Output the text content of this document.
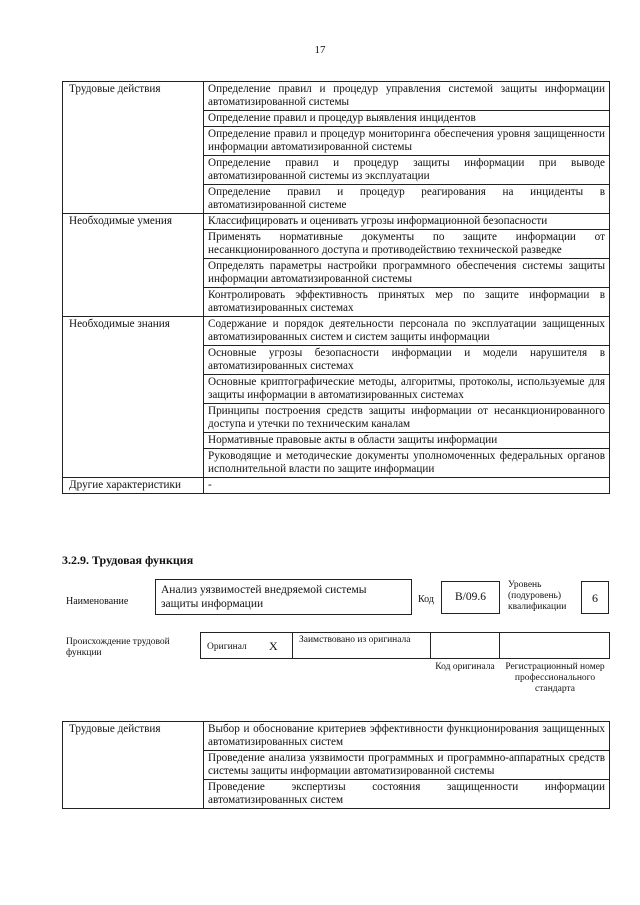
17
Трудовые действия	Определение правил и процедур управления системой защиты информации автоматизированной системы
	Определение правил и процедур выявления инцидентов
	Определение правил и процедур мониторинга обеспечения уровня защищенности информации автоматизированной системы
	Определение правил и процедур защиты информации при выводе автоматизированной системы из эксплуатации
	Определение правил и процедур реагирования на инциденты в автоматизированной системе
Необходимые умения	Классифицировать и оценивать угрозы информационной безопасности
	Применять нормативные документы по защите информации от несанкционированного доступа и противодействию технической разведке
	Определять параметры настройки программного обеспечения системы защиты информации автоматизированной системы
	Контролировать эффективность принятых мер по защите информации в автоматизированных системах
Необходимые знания	Содержание и порядок деятельности персонала по эксплуатации защищенных автоматизированных систем и систем защиты информации
	Основные угрозы безопасности информации и модели нарушителя в автоматизированных системах
	Основные криптографические методы, алгоритмы, протоколы, используемые для защиты информации в автоматизированных системах
	Принципы построения средств защиты информации от несанкционированного доступа и утечки по техническим каналам
	Нормативные правовые акты в области защиты информации
	Руководящие и методические документы уполномоченных федеральных органов исполнительной власти по защите информации
Другие характеристики	-
3.2.9. Трудовая функция
Наименование
Анализ уязвимостей внедряемой системы защиты информации	Код	B/09.6
Уровень (подуровень) квалификации
6
Происхождение трудовой функции
Оригинал X Заимствовано из оригинала
Код оригинала	Регистрационный номер профессионального стандарта
Трудовые действия	Выбор и обоснование критериев эффективности функционирования защищенных автоматизированных систем
Проведение анализа уязвимости программных и программно-аппаратных средств системы защиты информации автоматизированной системы
Проведение экспертизы состояния защищенности информации автоматизированных систем
